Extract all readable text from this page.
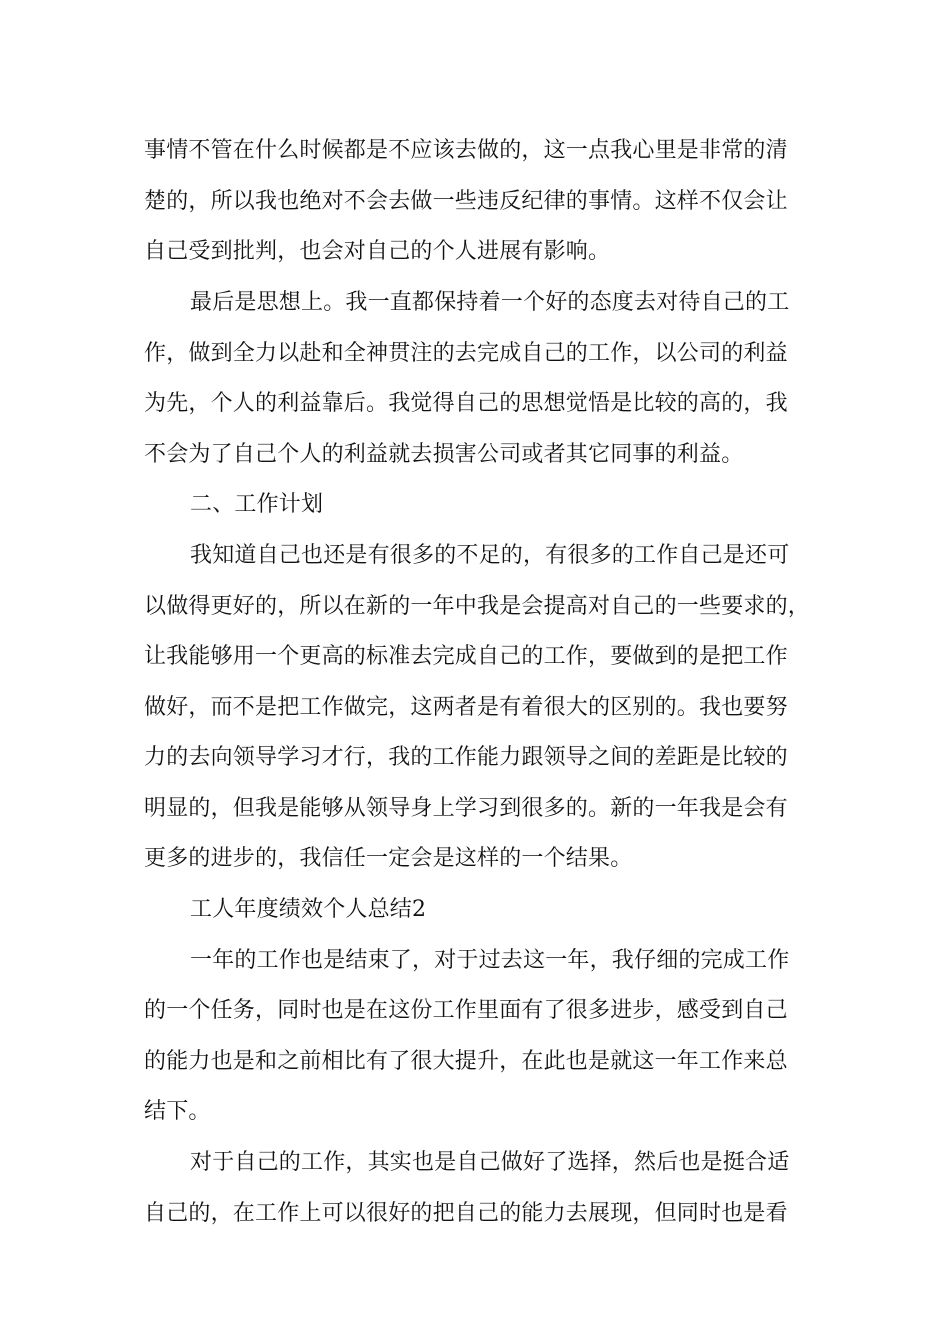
事情不管在什么时候都是不应该去做的，这一点我心里是非常的清

楚的，所以我也绝对不会去做一些违反纪律的事情。这样不仅会让

自己受到批判，也会对自己的个人进展有影响。

最后是思想上。我一直都保持着一个好的态度去对待自己的工

作，做到全力以赴和全神贯注的去完成自己的工作，以公司的利益

为先，个人的利益靠后。我觉得自己的思想觉悟是比较的高的，我

不会为了自己个人的利益就去损害公司或者其它同事的利益。

二、工作计划

我知道自己也还是有很多的不足的，有很多的工作自己是还可

以做得更好的，所以在新的一年中我是会提高对自己的一些要求的，

让我能够用一个更高的标准去完成自己的工作，要做到的是把工作

做好，而不是把工作做完，这两者是有着很大的区别的。我也要努

力的去向领导学习才行，我的工作能力跟领导之间的差距是比较的

明显的，但我是能够从领导身上学习到很多的。新的一年我是会有

更多的进步的，我信任一定会是这样的一个结果。

工人年度绩效个人总结2

一年的工作也是结束了，对于过去这一年，我仔细的完成工作

的一个任务，同时也是在这份工作里面有了很多进步，感受到自己

的能力也是和之前相比有了很大提升，在此也是就这一年工作来总

结下。

对于自己的工作，其实也是自己做好了选择，然后也是挺合适

自己的，在工作上可以很好的把自己的能力去展现，但同时也是看
